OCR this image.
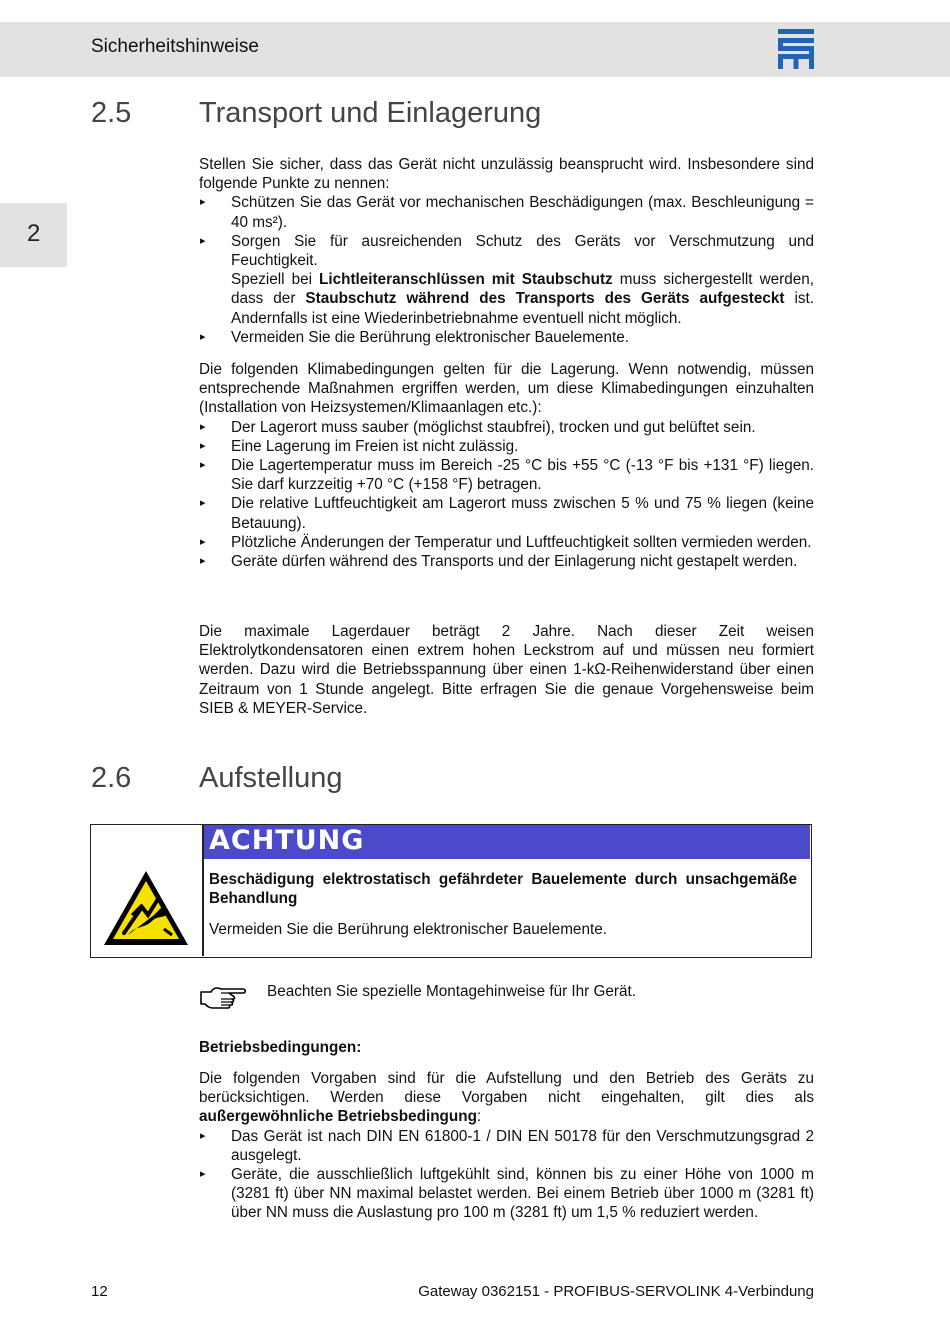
Sicherheitshinweise
2
2.5 Transport und Einlagerung

Stellen Sie sicher, dass das Gerät nicht unzulässig beansprucht wird. Insbesondere sind folgende Punkte zu nennen:

▸ Schützen Sie das Gerät vor mechanischen Beschädigungen (max. Beschleunigung = 40 ms²).
▸ Sorgen Sie für ausreichenden Schutz des Geräts vor Verschmutzung und Feuchtigkeit.

Speziell bei Lichtleiteranschlüssen mit Staubschutz muss sichergestellt werden, dass der Staubschutz während des Transports des Geräts aufgesteckt ist. Andernfalls ist eine Wiederinbetriebnahme eventuell nicht möglich.

▸ Vermeiden Sie die Berührung elektronischer Bauelemente.

Die folgenden Klimabedingungen gelten für die Lagerung. Wenn notwendig, müssen entsprechende Maßnahmen ergriffen werden, um diese Klimabedingungen einzuhalten (Installation von Heizsystemen/Klimaanlagen etc.):

▸ Der Lagerort muss sauber (möglichst staubfrei), trocken und gut belüftet sein.
▸ Eine Lagerung im Freien ist nicht zulässig.
▸ Die Lagertemperatur muss im Bereich -25 °C bis +55 °C (-13 °F bis +131 °F) liegen. Sie darf kurzzeitig +70 °C (+158 °F) betragen.
▸ Die relative Luftfeuchtigkeit am Lagerort muss zwischen 5 % und 75 % liegen (keine Betauung).
▸ Plötzliche Änderungen der Temperatur und Luftfeuchtigkeit sollten vermieden werden.
▸ Geräte dürfen während des Transports und der Einlagerung nicht gestapelt werden.

Die maximale Lagerdauer beträgt 2 Jahre. Nach dieser Zeit weisen Elektrolytkondensatoren einen extrem hohen Leckstrom auf und müssen neu formiert werden. Dazu wird die Betriebsspannung über einen 1-kΩ-Reihenwiderstand über einen Zeitraum von 1 Stunde angelegt. Bitte erfragen Sie die genaue Vorgehensweise beim SIEB & MEYER-Service.

2.6 Aufstellung
ACHTUNG
Beschädigung elektrostatisch gefährdeter Bauelemente durch unsachgemäße Behandlung
Vermeiden Sie die Berührung elektronischer Bauelemente.
Beachten Sie spezielle Montagehinweise für Ihr Gerät.

Betriebsbedingungen:

Die folgenden Vorgaben sind für die Aufstellung und den Betrieb des Geräts zu berücksichtigen. Werden diese Vorgaben nicht eingehalten, gilt dies als außergewöhnliche Betriebsbedingung:

▸ Das Gerät ist nach DIN EN 61800-1 / DIN EN 50178 für den Verschmutzungsgrad 2 ausgelegt.
▸ Geräte, die ausschließlich luftgekühlt sind, können bis zu einer Höhe von 1000 m (3281 ft) über NN maximal belastet werden. Bei einem Betrieb über 1000 m (3281 ft) über NN muss die Auslastung pro 100 m (3281 ft) um 1,5 % reduziert werden.
12	Gateway 0362151 - PROFIBUS-SERVOLINK 4-Verbindung
